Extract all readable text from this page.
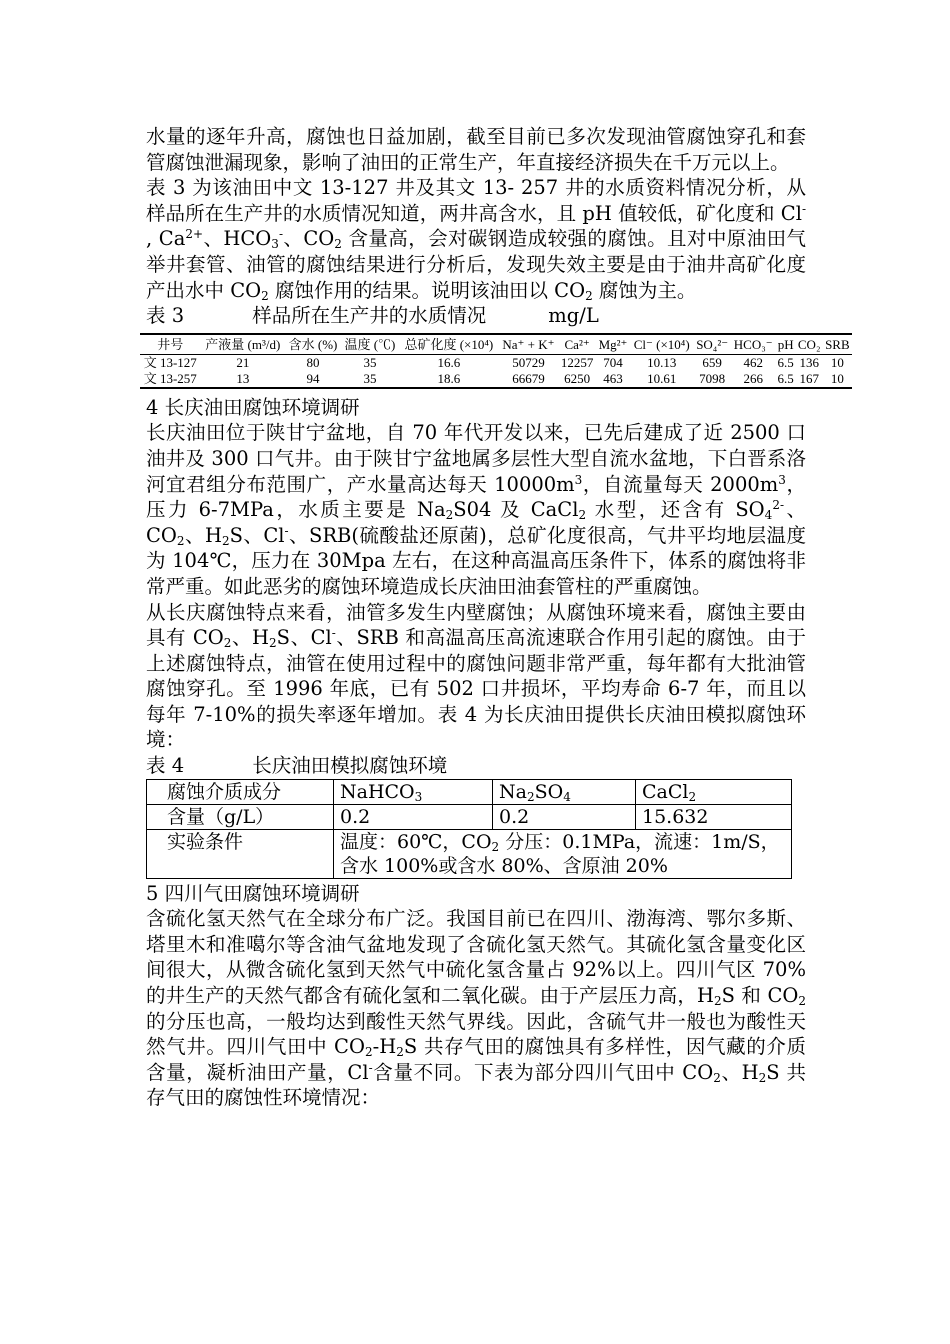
水量的逐年升高，腐蚀也日益加剧，截至目前已多次发现油管腐蚀穿孔和套管腐蚀泄漏现象，影响了油田的正常生产，年直接经济损失在千万元以上。

表 3 为该油田中文 13-127 井及其文 13- 257 井的水质资料情况分析，从样品所在生产井的水质情况知道，两井高含水，且 pH 值较低，矿化度和 Cl- , $Ca^{2+}$、$HCO_3^-$、$CO_2$ 含量高，会对碳钢造成较强的腐蚀。且对中原油田气举井套管、油管的腐蚀结果进行分析后，发现失效主要是由于油井高矿化度产出水中 $CO_2$ 腐蚀作用的结果。说明该油田以 $CO_2$ 腐蚀为主。

表 3           样品所在生产井的水质情况          mg/L
井号	产液量 (m³/d)	含水 (%)	温度 (℃)	总矿化度 (×10⁴)	Na⁺ + K⁺	Ca²⁺	Mg²⁺	Cl⁻ (×10⁴)	SO₄²⁻	HCO₃⁻	pH	CO₂	SRB
文 13-127	21	80	35	16.6	50729	12257	704	10.13	659	462	6.5	136	10
文 13-257	13	94	35	18.6	66679	6250	463	10.61	7098	266	6.5	167	10

4 长庆油田腐蚀环境调研

长庆油田位于陕甘宁盆地，自 70 年代开发以来，已先后建成了近 2500 口油井及 300 口气井。由于陕甘宁盆地属多层性大型自流水盆地，下白晋系洛河宜君组分布范围广，产水量高达每天 $10000m^3$，自流量每天 $2000m^3$，压力 6-7MPa，水质主要是 $Na_2S04$ 及 CaCl$_2$ 水型，还含有 $SO_4^{2-}$、$CO_2$、$H_2S$、Cl-、SRB(硫酸盐还原菌)，总矿化度很高，气井平均地层温度为 104℃，压力在 30Mpa 左右，在这种高温高压条件下，体系的腐蚀将非常严重。如此恶劣的腐蚀环境造成长庆油田油套管柱的严重腐蚀。

从长庆腐蚀特点来看，油管多发生内壁腐蚀；从腐蚀环境来看，腐蚀主要由具有 $CO_2$、$H_2S$、Cl-、SRB 和高温高压高流速联合作用引起的腐蚀。由于上述腐蚀特点，油管在使用过程中的腐蚀问题非常严重，每年都有大批油管腐蚀穿孔。至 1996 年底，已有 502 口井损坏，平均寿命 6-7 年，而且以每年 7-10%的损失率逐年增加。表 4 为长庆油田提供长庆油田模拟腐蚀环境：

表 4           长庆油田模拟腐蚀环境
腐蚀介质成分	NaHCO$_3$	$Na_2SO_4$	CaCl$_2$
含量（g/L）	0.2	0.2	15.632
实验条件	温度：60℃，$CO_2$ 分压：0.1MPa，流速：1m/S，含水 100%或含水 80%、含原油 20%		

5 四川气田腐蚀环境调研

含硫化氢天然气在全球分布广泛。我国目前已在四川、渤海湾、鄂尔多斯、塔里木和准噶尔等含油气盆地发现了含硫化氢天然气。其硫化氢含量变化区间很大，从微含硫化氢到天然气中硫化氢含量占 92%以上。四川气区 70%的井生产的天然气都含有硫化氢和二氧化碳。由于产层压力高，$H_2S$ 和 $CO_2$ 的分压也高，一般均达到酸性天然气界线。因此，含硫气井一般也为酸性天然气井。四川气田中 $CO_2-H_2S$ 共存气田的腐蚀具有多样性，因气藏的介质含量，凝析油田产量，Cl-含量不同。下表为部分四川气田中 $CO_2$、$H_2S$ 共存气田的腐蚀性环境情况：
